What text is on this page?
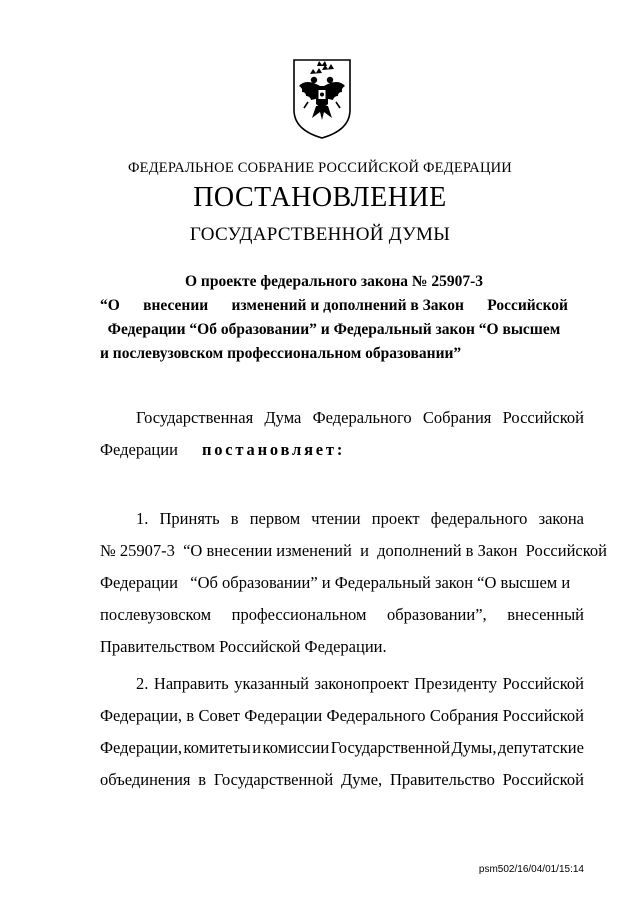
ФЕДЕРАЛЬНОЕ СОБРАНИЕ РОССИЙСКОЙ ФЕДЕРАЦИИ
ПОСТАНОВЛЕНИЕ
ГОСУДАРСТВЕННОЙ ДУМЫ
О проекте федерального закона № 25907-3
“О внесении изменений и дополнений в Закон Российской
Федерации “Об образовании” и Федеральный закон “О высшем
и послевузовском профессиональном образовании”
Государственная Дума Федерального Собрания Российской
Федерации постановляет:
1. Принять в первом чтении проект федерального закона
№ 25907-3  “О внесении изменений  и  дополнений в Закон  Российской
Федерации   “Об образовании” и Федеральный закон “О высшем и
послевузовском профессиональном образовании”, внесенный
Правительством Российской Федерации.
2. Направить указанный законопроект Президенту Российской
Федерации, в Совет Федерации Федерального Собрания Российской
Федерации, комитеты и комиссии Государственной Думы, депутатские
объединения в Государственной Думе, Правительство Российской
psm502/16/04/01/15:14
